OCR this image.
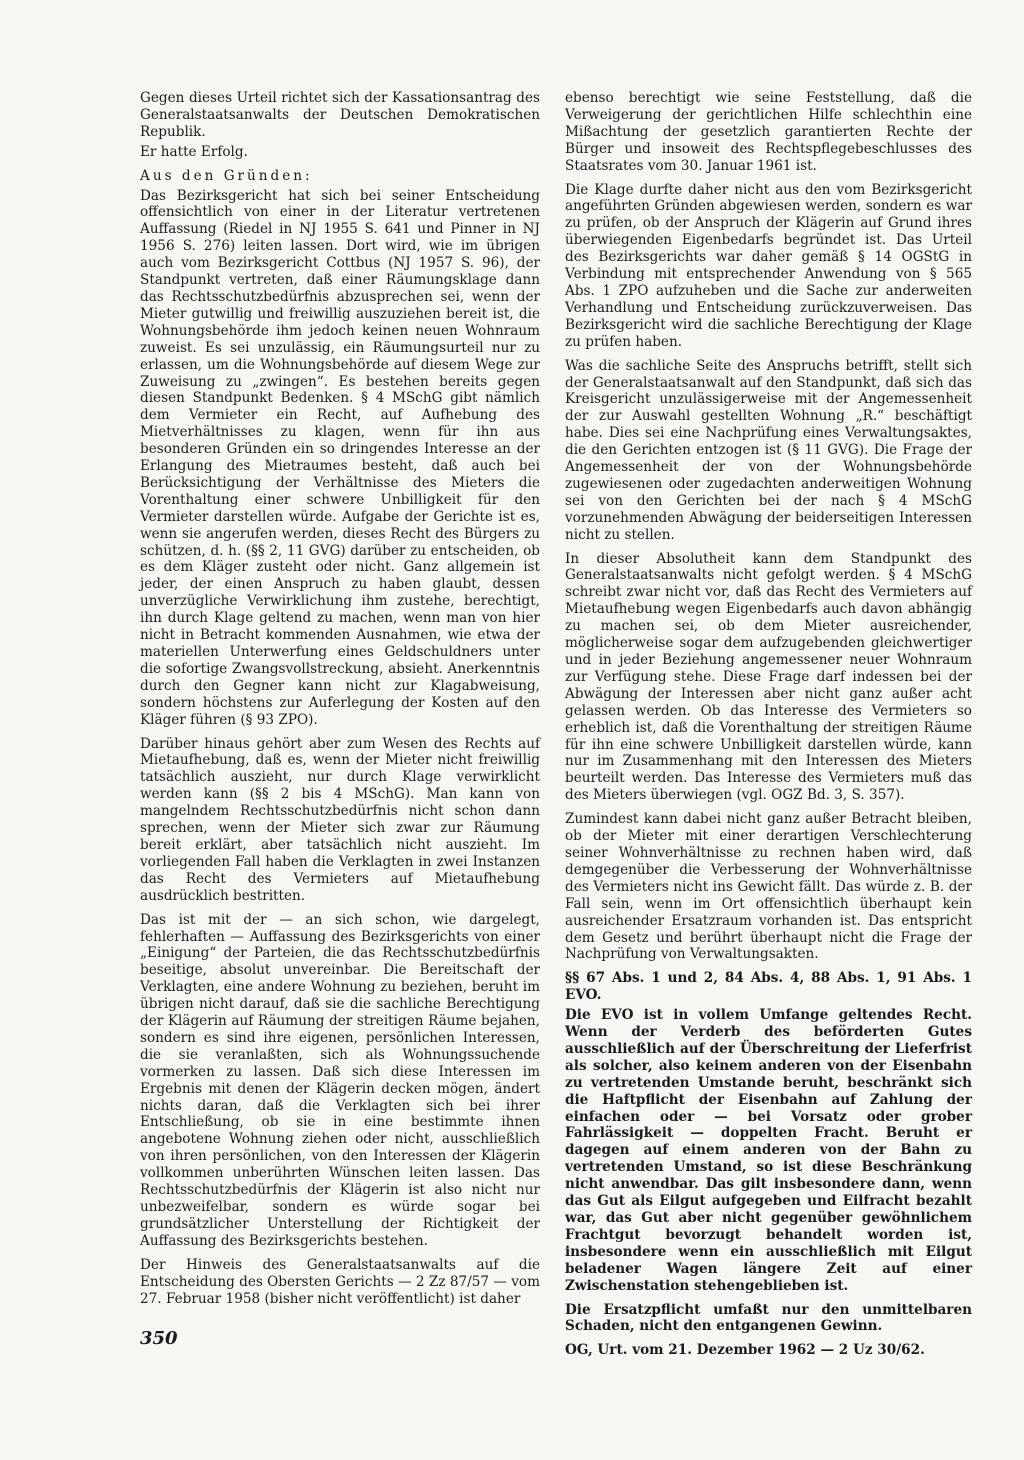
Gegen dieses Urteil richtet sich der Kassationsantrag des Generalstaatsanwalts der Deutschen Demokratischen Republik.

Er hatte Erfolg.

Aus den Gründen:

Das Bezirksgericht hat sich bei seiner Entscheidung offensichtlich von einer in der Literatur vertretenen Auffassung (Riedel in NJ 1955 S. 641 und Pinner in NJ 1956 S. 276) leiten lassen. Dort wird, wie im übrigen auch vom Bezirksgericht Cottbus (NJ 1957 S. 96), der Standpunkt vertreten, daß einer Räumungsklage dann das Rechtsschutzbedürfnis abzusprechen sei, wenn der Mieter gutwillig und freiwillig auszuziehen bereit ist, die Wohnungsbehörde ihm jedoch keinen neuen Wohnraum zuweist. Es sei unzulässig, ein Räumungsurteil nur zu erlassen, um die Wohnungsbehörde auf diesem Wege zur Zuweisung zu „zwingen“. Es bestehen bereits gegen diesen Standpunkt Bedenken. § 4 MSchG gibt nämlich dem Vermieter ein Recht, auf Aufhebung des Mietverhältnisses zu klagen, wenn für ihn aus besonderen Gründen ein so dringendes Interesse an der Erlangung des Mietraumes besteht, daß auch bei Berücksichtigung der Verhältnisse des Mieters die Vorenthaltung einer schwere Unbilligkeit für den Vermieter darstellen würde. Aufgabe der Gerichte ist es, wenn sie angerufen werden, dieses Recht des Bürgers zu schützen, d. h. (§§ 2, 11 GVG) darüber zu entscheiden, ob es dem Kläger zusteht oder nicht. Ganz allgemein ist jeder, der einen Anspruch zu haben glaubt, dessen unverzügliche Verwirklichung ihm zustehe, berechtigt, ihn durch Klage geltend zu machen, wenn man von hier nicht in Betracht kommenden Ausnahmen, wie etwa der materiellen Unterwerfung eines Geldschuldners unter die sofortige Zwangsvollstreckung, absieht. Anerkenntnis durch den Gegner kann nicht zur Klagabweisung, sondern höchstens zur Auferlegung der Kosten auf den Kläger führen (§ 93 ZPO).

Darüber hinaus gehört aber zum Wesen des Rechts auf Mietaufhebung, daß es, wenn der Mieter nicht freiwillig tatsächlich auszieht, nur durch Klage verwirklicht werden kann (§§ 2 bis 4 MSchG). Man kann von mangelndem Rechtsschutzbedürfnis nicht schon dann sprechen, wenn der Mieter sich zwar zur Räumung bereit erklärt, aber tatsächlich nicht auszieht. Im vorliegenden Fall haben die Verklagten in zwei Instanzen das Recht des Vermieters auf Mietaufhebung ausdrücklich bestritten.

Das ist mit der — an sich schon, wie dargelegt, fehlerhaften — Auffassung des Bezirksgerichts von einer „Einigung“ der Parteien, die das Rechtsschutzbedürfnis beseitige, absolut unvereinbar. Die Bereitschaft der Verklagten, eine andere Wohnung zu beziehen, beruht im übrigen nicht darauf, daß sie die sachliche Berechtigung der Klägerin auf Räumung der streitigen Räume bejahen, sondern es sind ihre eigenen, persönlichen Interessen, die sie veranlaßten, sich als Wohnungssuchende vormerken zu lassen. Daß sich diese Interessen im Ergebnis mit denen der Klägerin decken mögen, ändert nichts daran, daß die Verklagten sich bei ihrer Entschließung, ob sie in eine bestimmte ihnen angebotene Wohnung ziehen oder nicht, ausschließlich von ihren persönlichen, von den Interessen der Klägerin vollkommen unberührten Wünschen leiten lassen. Das Rechtsschutzbedürfnis der Klägerin ist also nicht nur unbezweifelbar, sondern es würde sogar bei grundsätzlicher Unterstellung der Richtigkeit der Auffassung des Bezirksgerichts bestehen.

Der Hinweis des Generalstaatsanwalts auf die Entscheidung des Obersten Gerichts — 2 Zz 87/57 — vom 27. Februar 1958 (bisher nicht veröffentlicht) ist daher

ebenso berechtigt wie seine Feststellung, daß die Verweigerung der gerichtlichen Hilfe schlechthin eine Mißachtung der gesetzlich garantierten Rechte der Bürger und insoweit des Rechtspflegebeschlusses des Staatsrates vom 30. Januar 1961 ist.

Die Klage durfte daher nicht aus den vom Bezirksgericht angeführten Gründen abgewiesen werden, sondern es war zu prüfen, ob der Anspruch der Klägerin auf Grund ihres überwiegenden Eigenbedarfs begründet ist. Das Urteil des Bezirksgerichts war daher gemäß § 14 OGStG in Verbindung mit entsprechender Anwendung von § 565 Abs. 1 ZPO aufzuheben und die Sache zur anderweiten Verhandlung und Entscheidung zurückzuverweisen. Das Bezirksgericht wird die sachliche Berechtigung der Klage zu prüfen haben.

Was die sachliche Seite des Anspruchs betrifft, stellt sich der Generalstaatsanwalt auf den Standpunkt, daß sich das Kreisgericht unzulässigerweise mit der Angemessenheit der zur Auswahl gestellten Wohnung „R.“ beschäftigt habe. Dies sei eine Nachprüfung eines Verwaltungsaktes, die den Gerichten entzogen ist (§ 11 GVG). Die Frage der Angemessenheit der von der Wohnungsbehörde zugewiesenen oder zugedachten anderweitigen Wohnung sei von den Gerichten bei der nach § 4 MSchG vorzunehmenden Abwägung der beiderseitigen Interessen nicht zu stellen.

In dieser Absolutheit kann dem Standpunkt des Generalstaatsanwalts nicht gefolgt werden. § 4 MSchG schreibt zwar nicht vor, daß das Recht des Vermieters auf Mietaufhebung wegen Eigenbedarfs auch davon abhängig zu machen sei, ob dem Mieter ausreichender, möglicherweise sogar dem aufzugebenden gleichwertiger und in jeder Beziehung angemessener neuer Wohnraum zur Verfügung stehe. Diese Frage darf indessen bei der Abwägung der Interessen aber nicht ganz außer acht gelassen werden. Ob das Interesse des Vermieters so erheblich ist, daß die Vorenthaltung der streitigen Räume für ihn eine schwere Unbilligkeit darstellen würde, kann nur im Zusammenhang mit den Interessen des Mieters beurteilt werden. Das Interesse des Vermieters muß das des Mieters überwiegen (vgl. OGZ Bd. 3, S. 357).

Zumindest kann dabei nicht ganz außer Betracht bleiben, ob der Mieter mit einer derartigen Verschlechterung seiner Wohnverhältnisse zu rechnen haben wird, daß demgegenüber die Verbesserung der Wohnverhältnisse des Vermieters nicht ins Gewicht fällt. Das würde z. B. der Fall sein, wenn im Ort offensichtlich überhaupt kein ausreichender Ersatzraum vorhanden ist. Das entspricht dem Gesetz und berührt überhaupt nicht die Frage der Nachprüfung von Verwaltungsakten.

§§ 67 Abs. 1 und 2, 84 Abs. 4, 88 Abs. 1, 91 Abs. 1 EVO.

Die EVO ist in vollem Umfange geltendes Recht. Wenn der Verderb des beförderten Gutes ausschließlich auf der Überschreitung der Lieferfrist als solcher, also keinem anderen von der Eisenbahn zu vertretenden Umstande beruht, beschränkt sich die Haftpflicht der Eisenbahn auf Zahlung der einfachen oder — bei Vorsatz oder grober Fahrlässigkeit — doppelten Fracht. Beruht er dagegen auf einem anderen von der Bahn zu vertretenden Umstand, so ist diese Beschränkung nicht anwendbar. Das gilt insbesondere dann, wenn das Gut als Eilgut aufgegeben und Eilfracht bezahlt war, das Gut aber nicht gegenüber gewöhnlichem Frachtgut bevorzugt behandelt worden ist, insbesondere wenn ein ausschließlich mit Eilgut beladener Wagen längere Zeit auf einer Zwischenstation stehengeblieben ist.

Die Ersatzpflicht umfaßt nur den unmittelbaren Schaden, nicht den entgangenen Gewinn.

OG, Urt. vom 21. Dezember 1962 — 2 Uz 30/62.

350
